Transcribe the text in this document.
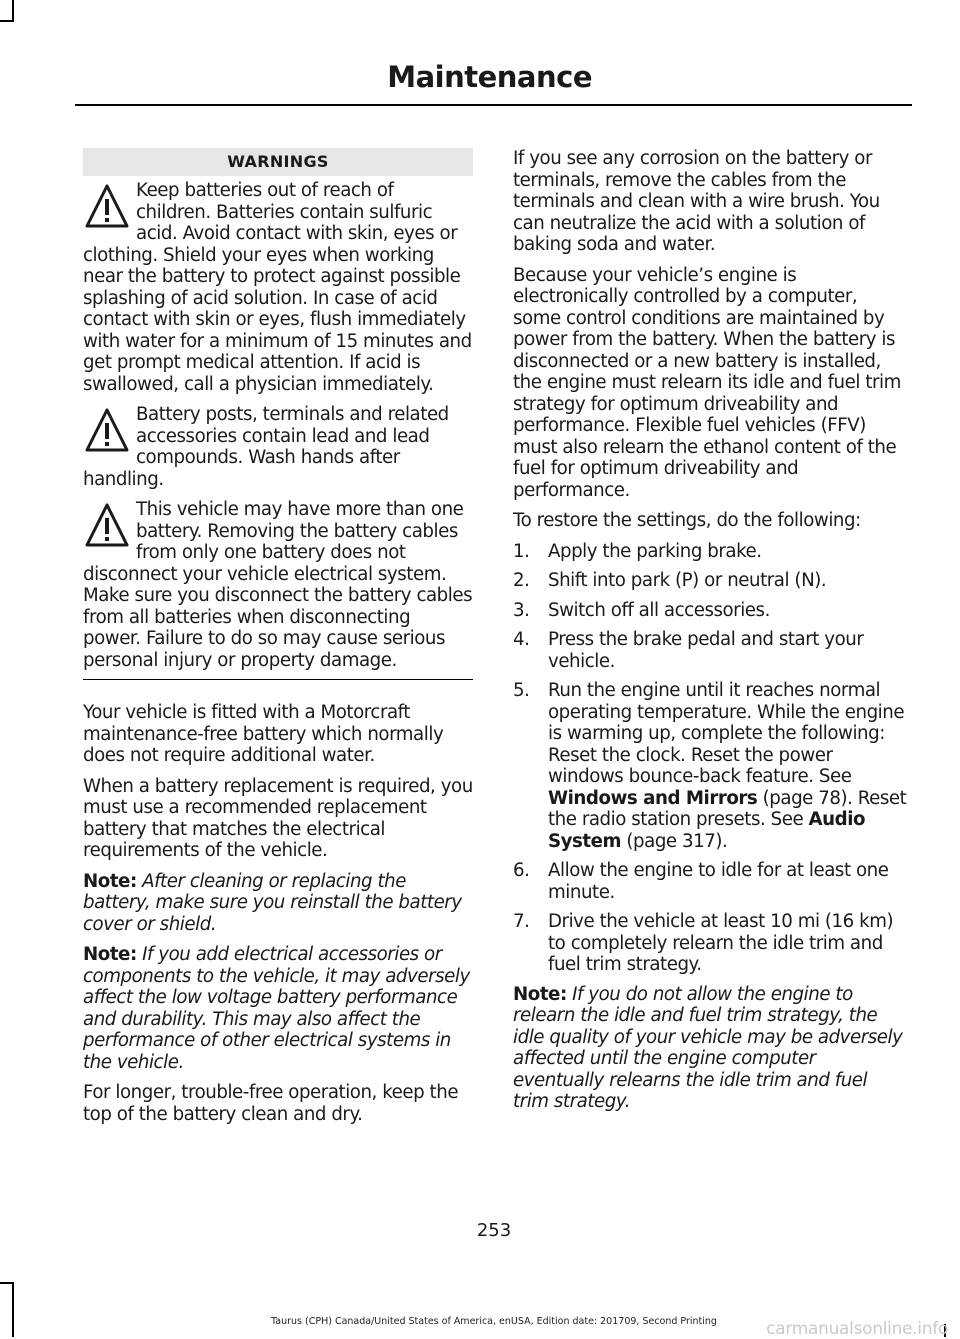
Maintenance
WARNINGS
Keep batteries out of reach of children. Batteries contain sulfuric acid. Avoid contact with skin, eyes or clothing. Shield your eyes when working near the battery to protect against possible splashing of acid solution. In case of acid contact with skin or eyes, flush immediately with water for a minimum of 15 minutes and get prompt medical attention. If acid is swallowed, call a physician immediately.
Battery posts, terminals and related accessories contain lead and lead compounds. Wash hands after handling.
This vehicle may have more than one battery. Removing the battery cables from only one battery does not disconnect your vehicle electrical system. Make sure you disconnect the battery cables from all batteries when disconnecting power. Failure to do so may cause serious personal injury or property damage.

Your vehicle is fitted with a Motorcraft maintenance-free battery which normally does not require additional water.

When a battery replacement is required, you must use a recommended replacement battery that matches the electrical requirements of the vehicle.

Note: After cleaning or replacing the battery, make sure you reinstall the battery cover or shield.

Note: If you add electrical accessories or components to the vehicle, it may adversely affect the low voltage battery performance and durability. This may also affect the performance of other electrical systems in the vehicle.

For longer, trouble-free operation, keep the top of the battery clean and dry.

If you see any corrosion on the battery or terminals, remove the cables from the terminals and clean with a wire brush. You can neutralize the acid with a solution of baking soda and water.

Because your vehicle’s engine is electronically controlled by a computer, some control conditions are maintained by power from the battery. When the battery is disconnected or a new battery is installed, the engine must relearn its idle and fuel trim strategy for optimum driveability and performance. Flexible fuel vehicles (FFV) must also relearn the ethanol content of the fuel for optimum driveability and performance.

To restore the settings, do the following:

1. Apply the parking brake.
2. Shift into park (P) or neutral (N).
3. Switch off all accessories.
4. Press the brake pedal and start your vehicle.
5. Run the engine until it reaches normal operating temperature. While the engine is warming up, complete the following: Reset the clock. Reset the power windows bounce-back feature. See Windows and Mirrors (page 78). Reset the radio station presets. See Audio System (page 317).
6. Allow the engine to idle for at least one minute.
7. Drive the vehicle at least 10 mi (16 km) to completely relearn the idle trim and fuel trim strategy.

Note: If you do not allow the engine to relearn the idle and fuel trim strategy, the idle quality of your vehicle may be adversely affected until the engine computer eventually relearns the idle trim and fuel trim strategy.

253
Taurus (CPH) Canada/United States of America, enUSA, Edition date: 201709, Second Printing	carmanualsonline.info
